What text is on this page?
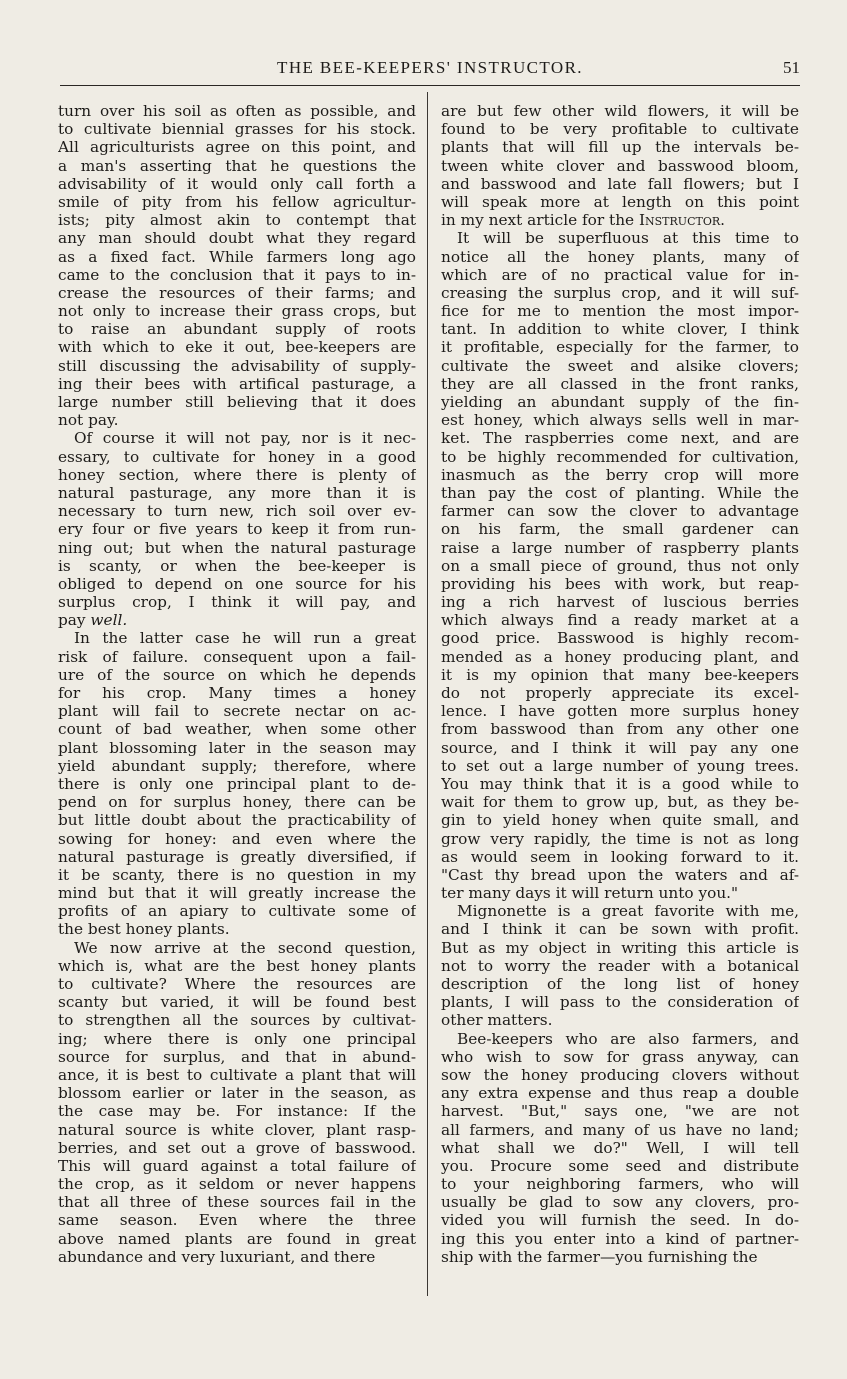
THE BEE-KEEPERS' INSTRUCTOR.	51
turn over his soil as often as possible, and
to cultivate biennial grasses for his stock.
All agriculturists agree on this point, and
a man's asserting that he questions the
advisability of it would only call forth a
smile of pity from his fellow agricultur-
ists; pity almost akin to contempt that
any man should doubt what they regard
as a fixed fact. While farmers long ago
came to the conclusion that it pays to in-
crease the resources of their farms; and
not only to increase their grass crops, but
to raise an abundant supply of roots
with which to eke it out, bee-keepers are
still discussing the advisability of supply-
ing their bees with artifical pasturage, a
large number still believing that it does
not pay.
Of course it will not pay, nor is it nec-
essary, to cultivate for honey in a good
honey section, where there is plenty of
natural pasturage, any more than it is
necessary to turn new, rich soil over ev-
ery four or five years to keep it from run-
ning out; but when the natural pasturage
is scanty, or when the bee-keeper is
obliged to depend on one source for his
surplus crop, I think it will pay, and
pay well.
In the latter case he will run a great
risk of failure. consequent upon a fail-
ure of the source on which he depends
for his crop. Many times a honey
plant will fail to secrete nectar on ac-
count of bad weather, when some other
plant blossoming later in the season may
yield abundant supply; therefore, where
there is only one principal plant to de-
pend on for surplus honey, there can be
but little doubt about the practicability of
sowing for honey: and even where the
natural pasturage is greatly diversified, if
it be scanty, there is no question in my
mind but that it will greatly increase the
profits of an apiary to cultivate some of
the best honey plants.
We now arrive at the second question,
which is, what are the best honey plants
to cultivate? Where the resources are
scanty but varied, it will be found best
to strengthen all the sources by cultivat-
ing; where there is only one principal
source for surplus, and that in abund-
ance, it is best to cultivate a plant that will
blossom earlier or later in the season, as
the case may be. For instance: If the
natural source is white clover, plant rasp-
berries, and set out a grove of basswood.
This will guard against a total failure of
the crop, as it seldom or never happens
that all three of these sources fail in the
same season. Even where the three
above named plants are found in great
abundance and very luxuriant, and there
are but few other wild flowers, it will be
found to be very profitable to cultivate
plants that will fill up the intervals be-
tween white clover and basswood bloom,
and basswood and late fall flowers; but I
will speak more at length on this point
in my next article for the Instructor.
It will be superfluous at this time to
notice all the honey plants, many of
which are of no practical value for in-
creasing the surplus crop, and it will suf-
fice for me to mention the most impor-
tant. In addition to white clover, I think
it profitable, especially for the farmer, to
cultivate the sweet and alsike clovers;
they are all classed in the front ranks,
yielding an abundant supply of the fin-
est honey, which always sells well in mar-
ket. The raspberries come next, and are
to be highly recommended for cultivation,
inasmuch as the berry crop will more
than pay the cost of planting. While the
farmer can sow the clover to advantage
on his farm, the small gardener can
raise a large number of raspberry plants
on a small piece of ground, thus not only
providing his bees with work, but reap-
ing a rich harvest of luscious berries
which always find a ready market at a
good price. Basswood is highly recom-
mended as a honey producing plant, and
it is my opinion that many bee-keepers
do not properly appreciate its excel-
lence. I have gotten more surplus honey
from basswood than from any other one
source, and I think it will pay any one
to set out a large number of young trees.
You may think that it is a good while to
wait for them to grow up, but, as they be-
gin to yield honey when quite small, and
grow very rapidly, the time is not as long
as would seem in looking forward to it.
"Cast thy bread upon the waters and af-
ter many days it will return unto you."
Mignonette is a great favorite with me,
and I think it can be sown with profit.
But as my object in writing this article is
not to worry the reader with a botanical
description of the long list of honey
plants, I will pass to the consideration of
other matters.
Bee-keepers who are also farmers, and
who wish to sow for grass anyway, can
sow the honey producing clovers without
any extra expense and thus reap a double
harvest. "But," says one, "we are not
all farmers, and many of us have no land;
what shall we do?" Well, I will tell
you. Procure some seed and distribute
to your neighboring farmers, who will
usually be glad to sow any clovers, pro-
vided you will furnish the seed. In do-
ing this you enter into a kind of partner-
ship with the farmer—you furnishing the
